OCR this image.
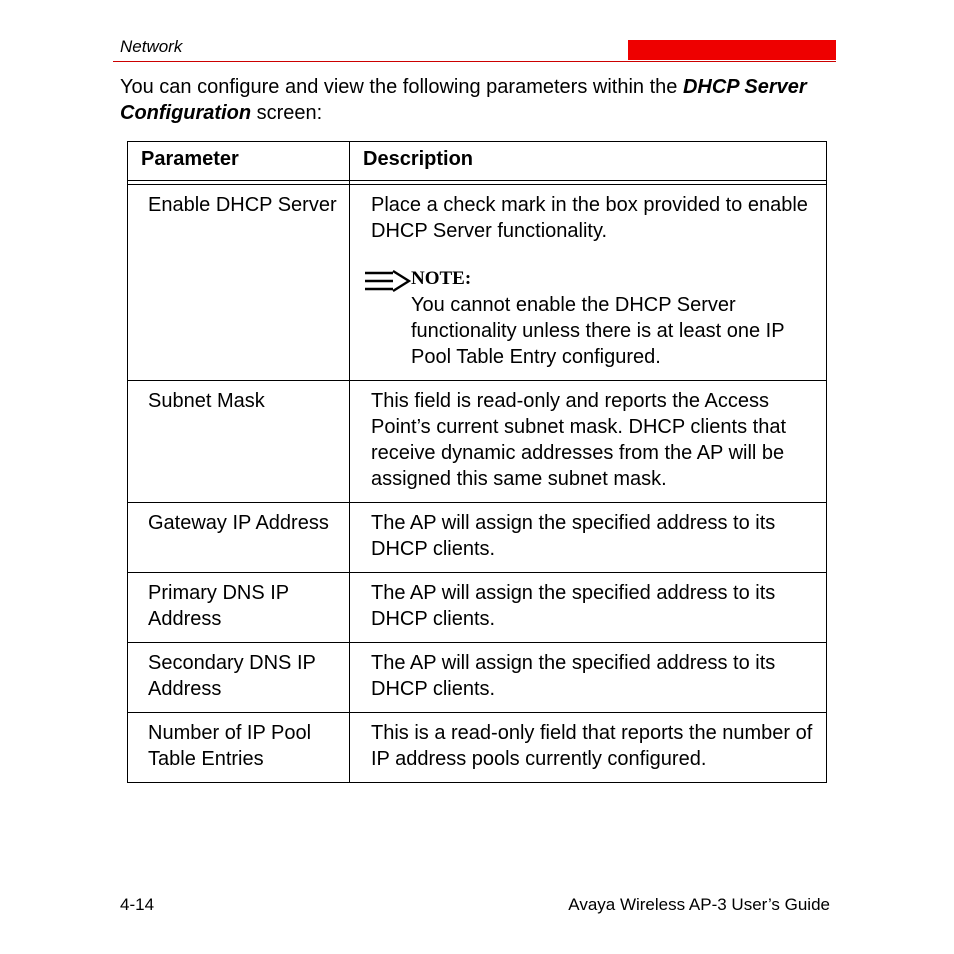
Network
You can configure and view the following parameters within the DHCP Server Configuration screen:
Parameter	Description

Enable DHCP Server	Place a check mark in the box provided to enable DHCP Server functionality.
NOTE:
You cannot enable the DHCP Server functionality unless there is at least one IP Pool Table Entry configured.

Subnet Mask	This field is read-only and reports the Access Point’s current subnet mask. DHCP clients that receive dynamic addresses from the AP will be assigned this same subnet mask.
Gateway IP Address	The AP will assign the specified address to its DHCP clients.
Primary DNS IP Address	The AP will assign the specified address to its DHCP clients.
Secondary DNS IP Address	The AP will assign the specified address to its DHCP clients.
Number of IP Pool Table Entries	This is a read-only field that reports the number of IP address pools currently configured.
4-14	Avaya Wireless AP-3 User’s Guide
